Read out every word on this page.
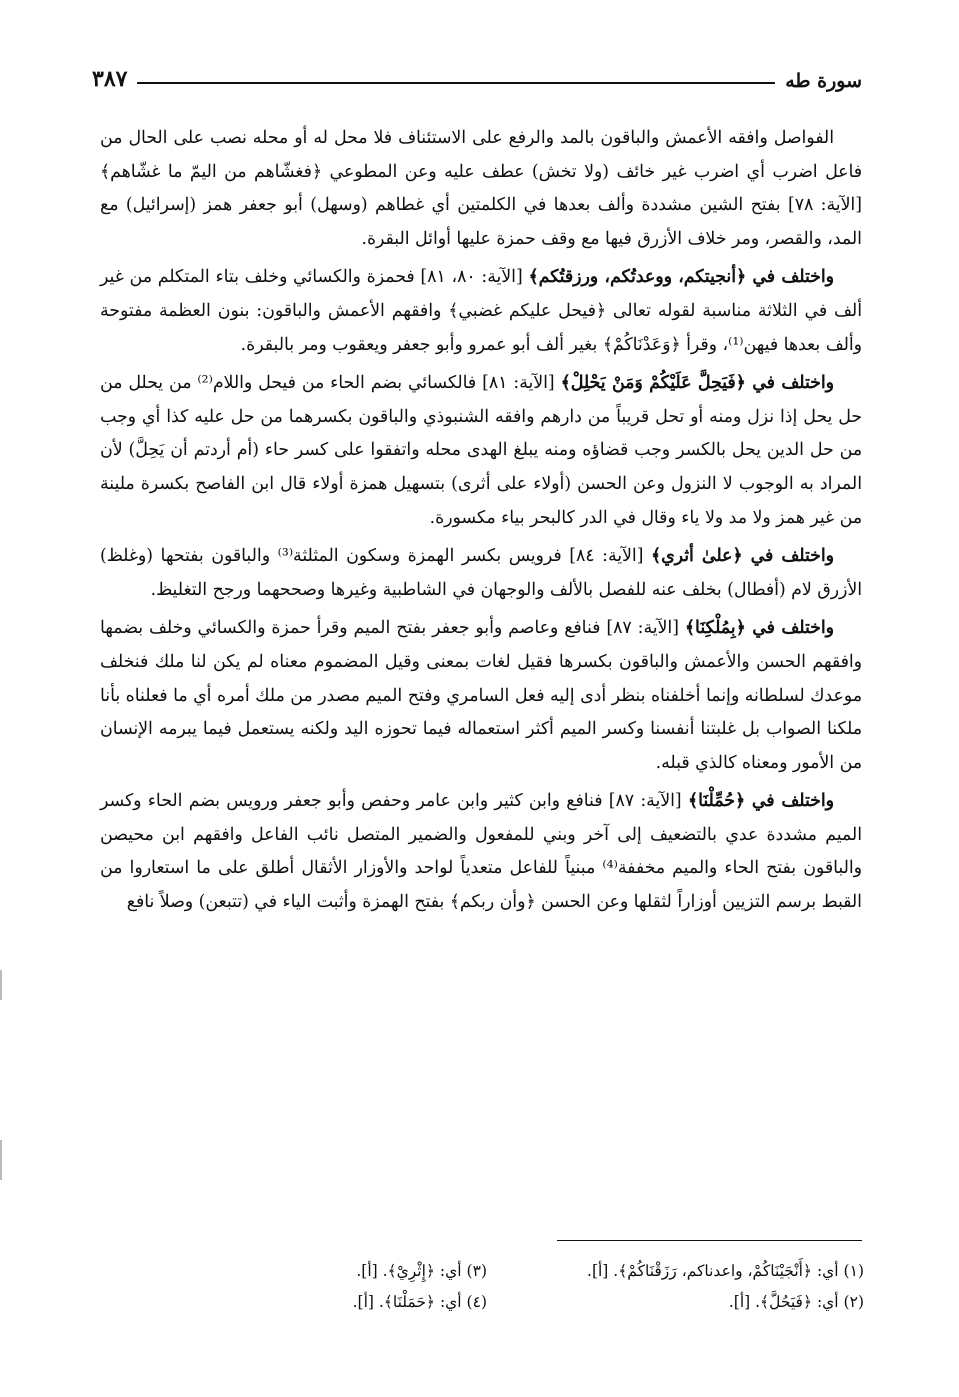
سورة طه
٣٨٧

الفواصل وافقه الأعمش والباقون بالمد والرفع على الاستئناف فلا محل له أو محله نصب على الحال من فاعل اضرب أي اضرب غير خائف (ولا تخش) عطف عليه وعن المطوعي ﴿فغشّاهم من اليمّ ما غشّاهم﴾ [الآية: ٧٨] بفتح الشين مشددة وألف بعدها في الكلمتين أي غطاهم (وسهل) أبو جعفر همز (إسرائيل) مع المد، والقصر، ومر خلاف الأزرق فيها مع وقف حمزة عليها أوائل البقرة.

واختلف في ﴿أنجيتكم، ووعدتُكم، ورزقتُكم﴾ [الآية: ٨٠، ٨١] فحمزة والكسائي وخلف بتاء المتكلم من غير ألف في الثلاثة مناسبة لقوله تعالى ﴿فيحل عليكم غضبي﴾ وافقهم الأعمش والباقون: بنون العظمة مفتوحة وألف بعدها فيهن⁽¹⁾، وقرأ ﴿وَعَدْنَاكُمْ﴾ بغير ألف أبو عمرو وأبو جعفر ويعقوب ومر بالبقرة.

واختلف في ﴿فَيَحِلَّ عَلَيْكُمْ وَمَنْ يَحْلِلْ﴾ [الآية: ٨١] فالكسائي بضم الحاء من فيحل واللام⁽²⁾ من يحلل من حل يحل إذا نزل ومنه أو تحل قريباً من دارهم وافقه الشنبوذي والباقون بكسرهما من حل عليه كذا أي وجب من حل الدين يحل بالكسر وجب قضاؤه ومنه يبلغ الهدى محله واتفقوا على كسر حاء (أم أردتم أن يَحِلَّ) لأن المراد به الوجوب لا النزول وعن الحسن (أولاء على أثرى) بتسهيل همزة أولاء قال ابن الفاصح بكسرة ملينة من غير همز ولا مد ولا ياء وقال في الدر كالبحر بياء مكسورة.

واختلف في ﴿علىٰ أثري﴾ [الآية: ٨٤] فرويس بكسر الهمزة وسكون المثلثة⁽³⁾ والباقون بفتحها (وغلظ) الأزرق لام (أفطال) بخلف عنه للفصل بالألف والوجهان في الشاطبية وغيرها وصححهما ورجح التغليظ.

واختلف في ﴿بِمُلْكِنَا﴾ [الآية: ٨٧] فنافع وعاصم وأبو جعفر بفتح الميم وقرأ حمزة والكسائي وخلف بضمها وافقهم الحسن والأعمش والباقون بكسرها فقيل لغات بمعنى وقيل المضموم معناه لم يكن لنا ملك فنخلف موعدك لسلطانه وإنما أخلفناه بنظر أدى إليه فعل السامري وفتح الميم مصدر من ملك أمره أي ما فعلناه بأنا ملكنا الصواب بل غلبتنا أنفسنا وكسر الميم أكثر استعماله فيما تحوزه اليد ولكنه يستعمل فيما يبرمه الإنسان من الأمور ومعناه كالذي قبله.

واختلف في ﴿حُمِّلْنَا﴾ [الآية: ٨٧] فنافع وابن كثير وابن عامر وحفص وأبو جعفر ورويس بضم الحاء وكسر الميم مشددة عدي بالتضعيف إلى آخر وبني للمفعول والضمير المتصل نائب الفاعل وافقهم ابن محيصن والباقون بفتح الحاء والميم مخففة⁽⁴⁾ مبنياً للفاعل متعدياً لواحد والأوزار الأثقال أطلق على ما استعاروا من القبط برسم التزيين أوزاراً لثقلها وعن الحسن ﴿وأن ربكم﴾ بفتح الهمزة وأثبت الياء في (تتبعن) وصلاً نافع

(١) أي: ﴿أَنْجَيْنَاكُمْ، واعدناكم، رَزَقْنَاكُمْ﴾. [أ].
(٣) أي: ﴿إِثْرِيْ﴾. [أ].
(٢) أي: ﴿فَيَحُلَّ﴾. [أ].
(٤) أي: ﴿حَمَلْنَا﴾. [أ].
